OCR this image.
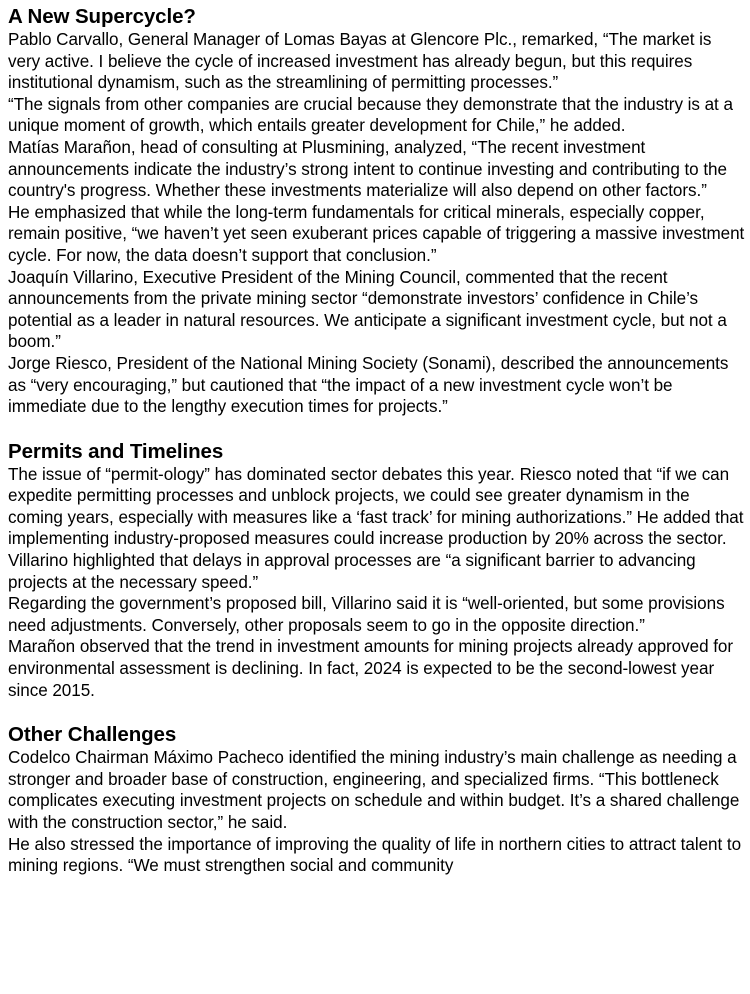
A New Supercycle?

Pablo Carvallo, General Manager of Lomas Bayas at Glencore Plc., remarked, “The market is very active. I believe the cycle of increased investment has already begun, but this requires institutional dynamism, such as the streamlining of permitting processes.”

“The signals from other companies are crucial because they demonstrate that the industry is at a unique moment of growth, which entails greater development for Chile,” he added.

Matías Marañon, head of consulting at Plusmining, analyzed, “The recent investment announcements indicate the industry’s strong intent to continue investing and contributing to the country's progress. Whether these investments materialize will also depend on other factors.”

He emphasized that while the long-term fundamentals for critical minerals, especially copper, remain positive, “we haven’t yet seen exuberant prices capable of triggering a massive investment cycle. For now, the data doesn’t support that conclusion.”

Joaquín Villarino, Executive President of the Mining Council, commented that the recent announcements from the private mining sector “demonstrate investors’ confidence in Chile’s potential as a leader in natural resources. We anticipate a significant investment cycle, but not a boom.”

Jorge Riesco, President of the National Mining Society (Sonami), described the announcements as “very encouraging,” but cautioned that “the impact of a new investment cycle won’t be immediate due to the lengthy execution times for projects.”

Permits and Timelines

The issue of “permit-ology” has dominated sector debates this year. Riesco noted that “if we can expedite permitting processes and unblock projects, we could see greater dynamism in the coming years, especially with measures like a ‘fast track’ for mining authorizations.” He added that implementing industry-proposed measures could increase production by 20% across the sector.

Villarino highlighted that delays in approval processes are “a significant barrier to advancing projects at the necessary speed.”

Regarding the government’s proposed bill, Villarino said it is “well-oriented, but some provisions need adjustments. Conversely, other proposals seem to go in the opposite direction.”

Marañon observed that the trend in investment amounts for mining projects already approved for environmental assessment is declining. In fact, 2024 is expected to be the second-lowest year since 2015.

Other Challenges

Codelco Chairman Máximo Pacheco identified the mining industry’s main challenge as needing a stronger and broader base of construction, engineering, and specialized firms. “This bottleneck complicates executing investment projects on schedule and within budget. It’s a shared challenge with the construction sector,” he said.

He also stressed the importance of improving the quality of life in northern cities to attract talent to mining regions. “We must strengthen social and community
